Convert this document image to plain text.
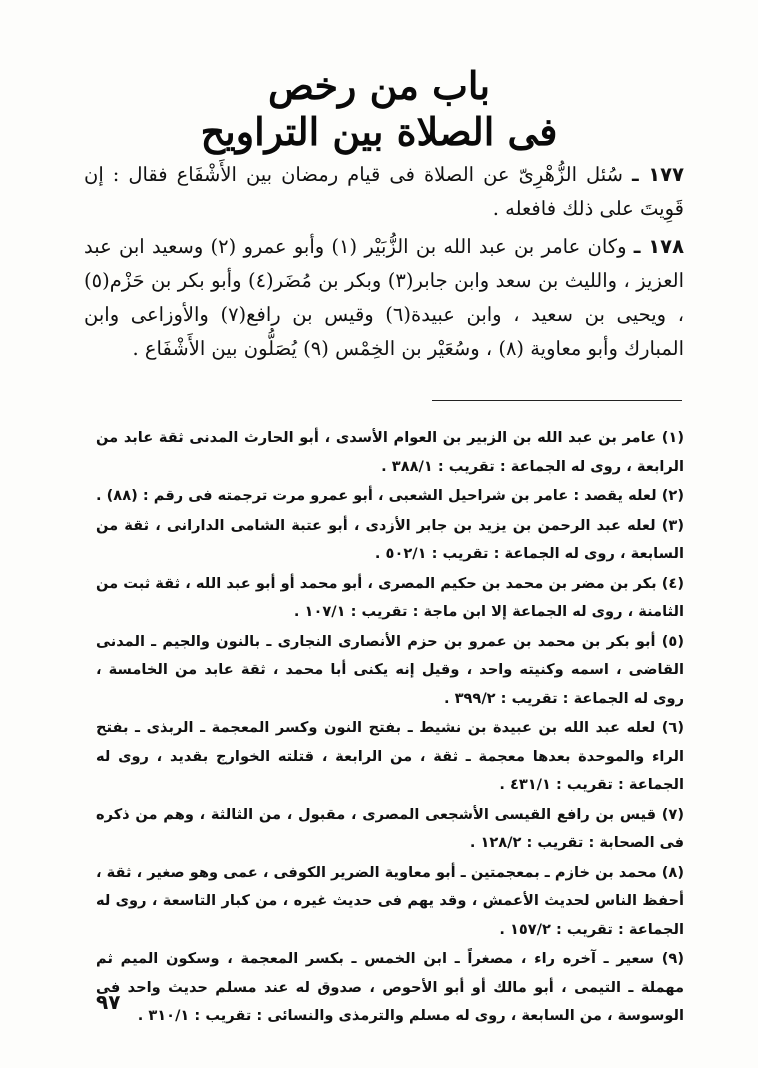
باب من رخص
فى الصلاة بين التراويح

١٧٧ ـ سُئل الزُّهْرِىّ عن الصلاة فى قيام رمضان بين الأَشْفَاع فقال : إن قَوِيتَ على ذلك فافعله .

١٧٨ ـ وكان عامر بن عبد الله بن الزُّبَيْر (١) وأبو عمرو (٢) وسعيد ابن عبد العزيز ، والليث بن سعد وابن جابر(٣) وبكر بن مُضَر(٤) وأبو بكر بن حَزْم(٥) ، ويحيى بن سعيد ، وابن عبيدة(٦) وقيس بن رافع(٧) والأوزاعى وابن المبارك وأبو معاوية (٨) ، وسُعَيْر بن الخِمْس (٩) يُصَلُّون بين الأَشْفَاع .

(١) عامر بن عبد الله بن الزبير بن العوام الأسدى ، أبو الحارث المدنى ثقة عابد من الرابعة ، روى له الجماعة : تقريب : ٣٨٨/١ .

(٢) لعله يقصد : عامر بن شراحيل الشعبى ، أبو عمرو مرت ترجمته فى رقم : (٨٨) .

(٣) لعله عبد الرحمن بن يزيد بن جابر الأزدى ، أبو عتبة الشامى الدارانى ، ثقة من السابعة ، روى له الجماعة : تقريب : ٥٠٢/١ .

(٤) بكر بن مضر بن محمد بن حكيم المصرى ، أبو محمد أو أبو عبد الله ، ثقة ثبت من الثامنة ، روى له الجماعة إلا ابن ماجة : تقريب : ١٠٧/١ .

(٥) أبو بكر بن محمد بن عمرو بن حزم الأنصارى النجارى ـ بالنون والجيم ـ المدنى القاضى ، اسمه وكنيته واحد ، وقيل إنه يكنى أبا محمد ، ثقة عابد من الخامسة ، روى له الجماعة : تقريب : ٣٩٩/٢ .

(٦) لعله عبد الله بن عبيدة بن نشيط ـ بفتح النون وكسر المعجمة ـ الربذى ـ بفتح الراء والموحدة بعدها معجمة ـ ثقة ، من الرابعة ، قتلته الخوارج بقديد ، روى له الجماعة : تقريب : ٤٣١/١ .

(٧) قيس بن رافع القيسى الأشجعى المصرى ، مقبول ، من الثالثة ، وهم من ذكره فى الصحابة : تقريب : ١٢٨/٢ .

(٨) محمد بن خازم ـ بمعجمتين ـ أبو معاوية الضرير الكوفى ، عمى وهو صغير ، ثقة ، أحفظ الناس لحديث الأعمش ، وقد يهم فى حديث غيره ، من كبار التاسعة ، روى له الجماعة : تقريب : ١٥٧/٢ .

(٩) سعير ـ آخره راء ، مصغراً ـ ابن الخمس ـ بكسر المعجمة ، وسكون الميم ثم مهملة ـ التيمى ، أبو مالك أو أبو الأحوص ، صدوق له عند مسلم حديث واحد فى الوسوسة ، من السابعة ، روى له مسلم والترمذى والنسائى : تقريب : ٣١٠/١ .

٩٧
